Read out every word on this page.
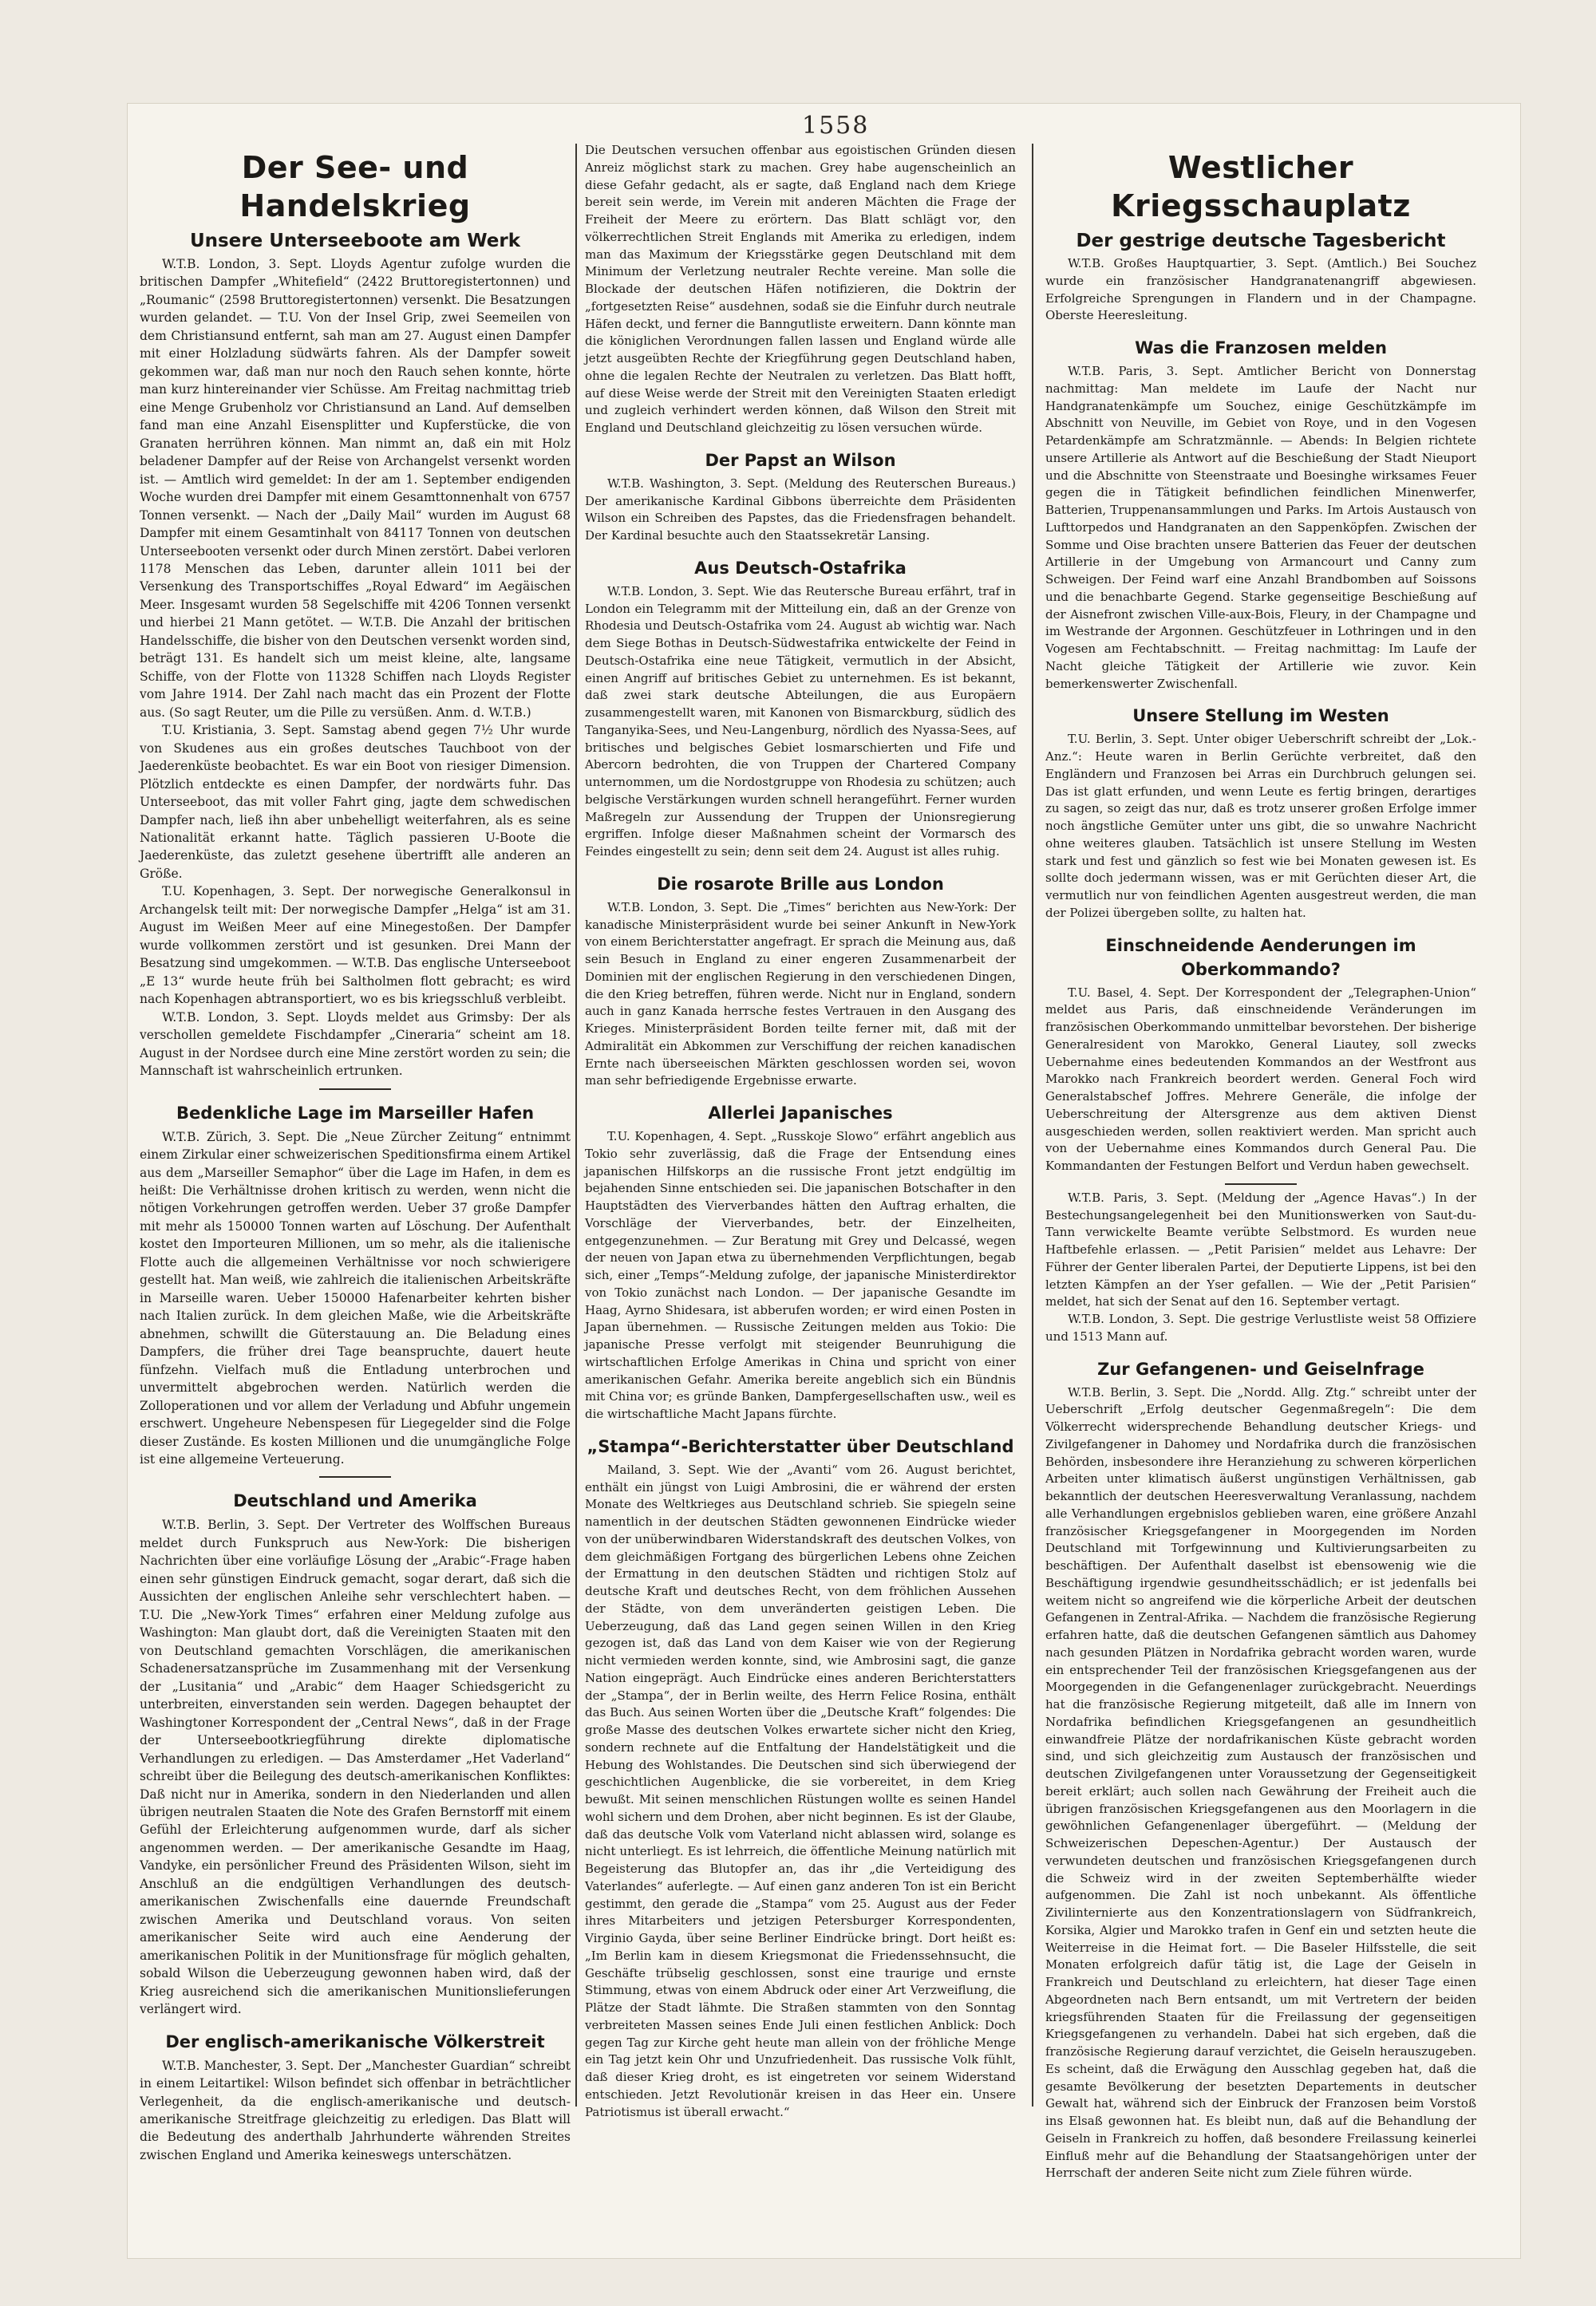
1558
Der See- und Handelskrieg
Unsere Unterseeboote am Werk

W.T.B. London, 3. Sept. Lloyds Agentur zufolge wurden die britischen Dampfer „Whitefield“ (2422 Bruttoregistertonnen) und „Roumanic“ (2598 Bruttoregistertonnen) versenkt. Die Besatzungen wurden gelandet. — T.U. Von der Insel Grip, zwei Seemeilen von dem Christiansund entfernt, sah man am 27. August einen Dampfer mit einer Holzladung südwärts fahren. Als der Dampfer soweit gekommen war, daß man nur noch den Rauch sehen konnte, hörte man kurz hintereinander vier Schüsse. Am Freitag nachmittag trieb eine Menge Grubenholz vor Christiansund an Land. Auf demselben fand man eine Anzahl Eisensplitter und Kupferstücke, die von Granaten herrühren können. Man nimmt an, daß ein mit Holz beladener Dampfer auf der Reise von Archangelst versenkt worden ist. — Amtlich wird gemeldet: In der am 1. September endigenden Woche wurden drei Dampfer mit einem Gesamttonnenhalt von 6757 Tonnen versenkt. — Nach der „Daily Mail“ wurden im August 68 Dampfer mit einem Gesamtinhalt von 84117 Tonnen von deutschen Unterseebooten versenkt oder durch Minen zerstört. Dabei verloren 1178 Menschen das Leben, darunter allein 1011 bei der Versenkung des Transportschiffes „Royal Edward“ im Aegäischen Meer. Insgesamt wurden 58 Segelschiffe mit 4206 Tonnen versenkt und hierbei 21 Mann getötet. — W.T.B. Die Anzahl der britischen Handelsschiffe, die bisher von den Deutschen versenkt worden sind, beträgt 131. Es handelt sich um meist kleine, alte, langsame Schiffe, von der Flotte von 11328 Schiffen nach Lloyds Register vom Jahre 1914. Der Zahl nach macht das ein Prozent der Flotte aus. (So sagt Reuter, um die Pille zu versüßen. Anm. d. W.T.B.)

T.U. Kristiania, 3. Sept. Samstag abend gegen 7½ Uhr wurde von Skudenes aus ein großes deutsches Tauchboot von der Jaederenküste beobachtet. Es war ein Boot von riesiger Dimension. Plötzlich entdeckte es einen Dampfer, der nordwärts fuhr. Das Unterseeboot, das mit voller Fahrt ging, jagte dem schwedischen Dampfer nach, ließ ihn aber unbehelligt weiterfahren, als es seine Nationalität erkannt hatte. Täglich passieren U-Boote die Jaederenküste, das zuletzt gesehene übertrifft alle anderen an Größe.

T.U. Kopenhagen, 3. Sept. Der norwegische Generalkonsul in Archangelsk teilt mit: Der norwegische Dampfer „Helga“ ist am 31. August im Weißen Meer auf eine Minegestoßen. Der Dampfer wurde vollkommen zerstört und ist gesunken. Drei Mann der Besatzung sind umgekommen. — W.T.B. Das englische Unterseeboot „E 13“ wurde heute früh bei Saltholmen flott gebracht; es wird nach Kopenhagen abtransportiert, wo es bis kriegsschluß verbleibt.

W.T.B. London, 3. Sept. Lloyds meldet aus Grimsby: Der als verschollen gemeldete Fischdampfer „Cineraria“ scheint am 18. August in der Nordsee durch eine Mine zerstört worden zu sein; die Mannschaft ist wahrscheinlich ertrunken.

Bedenkliche Lage im Marseiller Hafen

W.T.B. Zürich, 3. Sept. Die „Neue Zürcher Zeitung“ entnimmt einem Zirkular einer schweizerischen Speditionsfirma einem Artikel aus dem „Marseiller Semaphor“ über die Lage im Hafen, in dem es heißt: Die Verhältnisse drohen kritisch zu werden, wenn nicht die nötigen Vorkehrungen getroffen werden. Ueber 37 große Dampfer mit mehr als 150000 Tonnen warten auf Löschung. Der Aufenthalt kostet den Importeuren Millionen, um so mehr, als die italienische Flotte auch die allgemeinen Verhältnisse vor noch schwierigere gestellt hat. Man weiß, wie zahlreich die italienischen Arbeitskräfte in Marseille waren. Ueber 150000 Hafenarbeiter kehrten bisher nach Italien zurück. In dem gleichen Maße, wie die Arbeitskräfte abnehmen, schwillt die Güterstauung an. Die Beladung eines Dampfers, die früher drei Tage beanspruchte, dauert heute fünfzehn. Vielfach muß die Entladung unterbrochen und unvermittelt abgebrochen werden. Natürlich werden die Zolloperationen und vor allem der Verladung und Abfuhr ungemein erschwert. Ungeheure Nebenspesen für Liegegelder sind die Folge dieser Zustände. Es kosten Millionen und die unumgängliche Folge ist eine allgemeine Verteuerung.

Deutschland und Amerika

W.T.B. Berlin, 3. Sept. Der Vertreter des Wolffschen Bureaus meldet durch Funkspruch aus New-York: Die bisherigen Nachrichten über eine vorläufige Lösung der „Arabic“-Frage haben einen sehr günstigen Eindruck gemacht, sogar derart, daß sich die Aussichten der englischen Anleihe sehr verschlechtert haben. — T.U. Die „New-York Times“ erfahren einer Meldung zufolge aus Washington: Man glaubt dort, daß die Vereinigten Staaten mit den von Deutschland gemachten Vorschlägen, die amerikanischen Schadenersatzansprüche im Zusammenhang mit der Versenkung der „Lusitania“ und „Arabic“ dem Haager Schiedsgericht zu unterbreiten, einverstanden sein werden. Dagegen behauptet der Washingtoner Korrespondent der „Central News“, daß in der Frage der Unterseebootkriegführung direkte diplomatische Verhandlungen zu erledigen. — Das Amsterdamer „Het Vaderland“ schreibt über die Beilegung des deutsch-amerikanischen Konfliktes: Daß nicht nur in Amerika, sondern in den Niederlanden und allen übrigen neutralen Staaten die Note des Grafen Bernstorff mit einem Gefühl der Erleichterung aufgenommen wurde, darf als sicher angenommen werden. — Der amerikanische Gesandte im Haag, Vandyke, ein persönlicher Freund des Präsidenten Wilson, sieht im Anschluß an die endgültigen Verhandlungen des deutsch-amerikanischen Zwischenfalls eine dauernde Freundschaft zwischen Amerika und Deutschland voraus. Von seiten amerikanischer Seite wird auch eine Aenderung der amerikanischen Politik in der Munitionsfrage für möglich gehalten, sobald Wilson die Ueberzeugung gewonnen haben wird, daß der Krieg ausreichend sich die amerikanischen Munitionslieferungen verlängert wird.

Der englisch-amerikanische Völkerstreit

W.T.B. Manchester, 3. Sept. Der „Manchester Guardian“ schreibt in einem Leitartikel: Wilson befindet sich offenbar in beträchtlicher Verlegenheit, da die englisch-amerikanische und deutsch-amerikanische Streitfrage gleichzeitig zu erledigen. Das Blatt will die Bedeutung des anderthalb Jahrhunderte währenden Streites zwischen England und Amerika keineswegs unterschätzen.

Die Deutschen versuchen offenbar aus egoistischen Gründen diesen Anreiz möglichst stark zu machen. Grey habe augenscheinlich an diese Gefahr gedacht, als er sagte, daß England nach dem Kriege bereit sein werde, im Verein mit anderen Mächten die Frage der Freiheit der Meere zu erörtern. Das Blatt schlägt vor, den völkerrechtlichen Streit Englands mit Amerika zu erledigen, indem man das Maximum der Kriegsstärke gegen Deutschland mit dem Minimum der Verletzung neutraler Rechte vereine. Man solle die Blockade der deutschen Häfen notifizieren, die Doktrin der „fortgesetzten Reise“ ausdehnen, sodaß sie die Einfuhr durch neutrale Häfen deckt, und ferner die Banngutliste erweitern. Dann könnte man die königlichen Verordnungen fallen lassen und England würde alle jetzt ausgeübten Rechte der Kriegführung gegen Deutschland haben, ohne die legalen Rechte der Neutralen zu verletzen. Das Blatt hofft, auf diese Weise werde der Streit mit den Vereinigten Staaten erledigt und zugleich verhindert werden können, daß Wilson den Streit mit England und Deutschland gleichzeitig zu lösen versuchen würde.

Der Papst an Wilson

W.T.B. Washington, 3. Sept. (Meldung des Reuterschen Bureaus.) Der amerikanische Kardinal Gibbons überreichte dem Präsidenten Wilson ein Schreiben des Papstes, das die Friedensfragen behandelt. Der Kardinal besuchte auch den Staatssekretär Lansing.

Aus Deutsch-Ostafrika

W.T.B. London, 3. Sept. Wie das Reutersche Bureau erfährt, traf in London ein Telegramm mit der Mitteilung ein, daß an der Grenze von Rhodesia und Deutsch-Ostafrika vom 24. August ab wichtig war. Nach dem Siege Bothas in Deutsch-Südwestafrika entwickelte der Feind in Deutsch-Ostafrika eine neue Tätigkeit, vermutlich in der Absicht, einen Angriff auf britisches Gebiet zu unternehmen. Es ist bekannt, daß zwei stark deutsche Abteilungen, die aus Europäern zusammengestellt waren, mit Kanonen von Bismarckburg, südlich des Tanganyika-Sees, und Neu-Langenburg, nördlich des Nyassa-Sees, auf britisches und belgisches Gebiet losmarschierten und Fife und Abercorn bedrohten, die von Truppen der Chartered Company unternommen, um die Nordostgruppe von Rhodesia zu schützen; auch belgische Verstärkungen wurden schnell herangeführt. Ferner wurden Maßregeln zur Aussendung der Truppen der Unionsregierung ergriffen. Infolge dieser Maßnahmen scheint der Vormarsch des Feindes eingestellt zu sein; denn seit dem 24. August ist alles ruhig.

Die rosarote Brille aus London

W.T.B. London, 3. Sept. Die „Times“ berichten aus New-York: Der kanadische Ministerpräsident wurde bei seiner Ankunft in New-York von einem Berichterstatter angefragt. Er sprach die Meinung aus, daß sein Besuch in England zu einer engeren Zusammenarbeit der Dominien mit der englischen Regierung in den verschiedenen Dingen, die den Krieg betreffen, führen werde. Nicht nur in England, sondern auch in ganz Kanada herrsche festes Vertrauen in den Ausgang des Krieges. Ministerpräsident Borden teilte ferner mit, daß mit der Admiralität ein Abkommen zur Verschiffung der reichen kanadischen Ernte nach überseeischen Märkten geschlossen worden sei, wovon man sehr befriedigende Ergebnisse erwarte.

Allerlei Japanisches

T.U. Kopenhagen, 4. Sept. „Russkoje Slowo“ erfährt angeblich aus Tokio sehr zuverlässig, daß die Frage der Entsendung eines japanischen Hilfskorps an die russische Front jetzt endgültig im bejahenden Sinne entschieden sei. Die japanischen Botschafter in den Hauptstädten des Vierverbandes hätten den Auftrag erhalten, die Vorschläge der Vierverbandes, betr. der Einzelheiten, entgegenzunehmen. — Zur Beratung mit Grey und Delcassé, wegen der neuen von Japan etwa zu übernehmenden Verpflichtungen, begab sich, einer „Temps“-Meldung zufolge, der japanische Ministerdirektor von Tokio zunächst nach London. — Der japanische Gesandte im Haag, Ayrno Shidesara, ist abberufen worden; er wird einen Posten in Japan übernehmen. — Russische Zeitungen melden aus Tokio: Die japanische Presse verfolgt mit steigender Beunruhigung die wirtschaftlichen Erfolge Amerikas in China und spricht von einer amerikanischen Gefahr. Amerika bereite angeblich sich ein Bündnis mit China vor; es gründe Banken, Dampfergesellschaften usw., weil es die wirtschaftliche Macht Japans fürchte.

„Stampa“-Berichterstatter über Deutschland

Mailand, 3. Sept. Wie der „Avanti“ vom 26. August berichtet, enthält ein jüngst von Luigi Ambrosini, die er während der ersten Monate des Weltkrieges aus Deutschland schrieb. Sie spiegeln seine namentlich in der deutschen Städten gewonnenen Eindrücke wieder von der unüberwindbaren Widerstandskraft des deutschen Volkes, von dem gleichmäßigen Fortgang des bürgerlichen Lebens ohne Zeichen der Ermattung in den deutschen Städten und richtigen Stolz auf deutsche Kraft und deutsches Recht, von dem fröhlichen Aussehen der Städte, von dem unveränderten geistigen Leben. Die Ueberzeugung, daß das Land gegen seinen Willen in den Krieg gezogen ist, daß das Land von dem Kaiser wie von der Regierung nicht vermieden werden konnte, sind, wie Ambrosini sagt, die ganze Nation eingeprägt. Auch Eindrücke eines anderen Berichterstatters der „Stampa“, der in Berlin weilte, des Herrn Felice Rosina, enthält das Buch. Aus seinen Worten über die „Deutsche Kraft“ folgendes: Die große Masse des deutschen Volkes erwartete sicher nicht den Krieg, sondern rechnete auf die Entfaltung der Handelstätigkeit und die Hebung des Wohlstandes. Die Deutschen sind sich überwiegend der geschichtlichen Augenblicke, die sie vorbereitet, in dem Krieg bewußt. Mit seinen menschlichen Rüstungen wollte es seinen Handel wohl sichern und dem Drohen, aber nicht beginnen. Es ist der Glaube, daß das deutsche Volk vom Vaterland nicht ablassen wird, solange es nicht unterliegt. Es ist lehrreich, die öffentliche Meinung natürlich mit Begeisterung das Blutopfer an, das ihr „die Verteidigung des Vaterlandes“ auferlegte. — Auf einen ganz anderen Ton ist ein Bericht gestimmt, den gerade die „Stampa“ vom 25. August aus der Feder ihres Mitarbeiters und jetzigen Petersburger Korrespondenten, Virginio Gayda, über seine Berliner Eindrücke bringt. Dort heißt es: „Im Berlin kam in diesem Kriegsmonat die Friedenssehnsucht, die Geschäfte trübselig geschlossen, sonst eine traurige und ernste Stimmung, etwas von einem Abdruck oder einer Art Verzweiflung, die Plätze der Stadt lähmte. Die Straßen stammten von den Sonntag verbreiteten Massen seines Ende Juli einen festlichen Anblick: Doch gegen Tag zur Kirche geht heute man allein von der fröhliche Menge ein Tag jetzt kein Ohr und Unzufriedenheit. Das russische Volk fühlt, daß dieser Krieg droht, es ist eingetreten vor seinem Widerstand entschieden. Jetzt Revolutionär kreisen in das Heer ein. Unsere Patriotismus ist überall erwacht.“

Westlicher Kriegsschauplatz
Der gestrige deutsche Tagesbericht

W.T.B. Großes Hauptquartier, 3. Sept. (Amtlich.) Bei Souchez wurde ein französischer Handgranatenangriff abgewiesen. Erfolgreiche Sprengungen in Flandern und in der Champagne. Oberste Heeresleitung.

Was die Franzosen melden

W.T.B. Paris, 3. Sept. Amtlicher Bericht von Donnerstag nachmittag: Man meldete im Laufe der Nacht nur Handgranatenkämpfe um Souchez, einige Geschützkämpfe im Abschnitt von Neuville, im Gebiet von Roye, und in den Vogesen Petardenkämpfe am Schratzmännle. — Abends: In Belgien richtete unsere Artillerie als Antwort auf die Beschießung der Stadt Nieuport und die Abschnitte von Steenstraate und Boesinghe wirksames Feuer gegen die in Tätigkeit befindlichen feindlichen Minenwerfer, Batterien, Truppenansammlungen und Parks. Im Artois Austausch von Lufttorpedos und Handgranaten an den Sappenköpfen. Zwischen der Somme und Oise brachten unsere Batterien das Feuer der deutschen Artillerie in der Umgebung von Armancourt und Canny zum Schweigen. Der Feind warf eine Anzahl Brandbomben auf Soissons und die benachbarte Gegend. Starke gegenseitige Beschießung auf der Aisnefront zwischen Ville-aux-Bois, Fleury, in der Champagne und im Westrande der Argonnen. Geschützfeuer in Lothringen und in den Vogesen am Fechtabschnitt. — Freitag nachmittag: Im Laufe der Nacht gleiche Tätigkeit der Artillerie wie zuvor. Kein bemerkenswerter Zwischenfall.

Unsere Stellung im Westen

T.U. Berlin, 3. Sept. Unter obiger Ueberschrift schreibt der „Lok.-Anz.“: Heute waren in Berlin Gerüchte verbreitet, daß den Engländern und Franzosen bei Arras ein Durchbruch gelungen sei. Das ist glatt erfunden, und wenn Leute es fertig bringen, derartiges zu sagen, so zeigt das nur, daß es trotz unserer großen Erfolge immer noch ängstliche Gemüter unter uns gibt, die so unwahre Nachricht ohne weiteres glauben. Tatsächlich ist unsere Stellung im Westen stark und fest und gänzlich so fest wie bei Monaten gewesen ist. Es sollte doch jedermann wissen, was er mit Gerüchten dieser Art, die vermutlich nur von feindlichen Agenten ausgestreut werden, die man der Polizei übergeben sollte, zu halten hat.

Einschneidende Aenderungen im Oberkommando?

T.U. Basel, 4. Sept. Der Korrespondent der „Telegraphen-Union“ meldet aus Paris, daß einschneidende Veränderungen im französischen Oberkommando unmittelbar bevorstehen. Der bisherige Generalresident von Marokko, General Liautey, soll zwecks Uebernahme eines bedeutenden Kommandos an der Westfront aus Marokko nach Frankreich beordert werden. General Foch wird Generalstabschef Joffres. Mehrere Generäle, die infolge der Ueberschreitung der Altersgrenze aus dem aktiven Dienst ausgeschieden werden, sollen reaktiviert werden. Man spricht auch von der Uebernahme eines Kommandos durch General Pau. Die Kommandanten der Festungen Belfort und Verdun haben gewechselt.

W.T.B. Paris, 3. Sept. (Meldung der „Agence Havas“.) In der Bestechungsangelegenheit bei den Munitionswerken von Saut-du-Tann verwickelte Beamte verübte Selbstmord. Es wurden neue Haftbefehle erlassen. — „Petit Parisien“ meldet aus Lehavre: Der Führer der Genter liberalen Partei, der Deputierte Lippens, ist bei den letzten Kämpfen an der Yser gefallen. — Wie der „Petit Parisien“ meldet, hat sich der Senat auf den 16. September vertagt.

W.T.B. London, 3. Sept. Die gestrige Verlustliste weist 58 Offiziere und 1513 Mann auf.

Zur Gefangenen- und Geiselnfrage

W.T.B. Berlin, 3. Sept. Die „Nordd. Allg. Ztg.“ schreibt unter der Ueberschrift „Erfolg deutscher Gegenmaßregeln“: Die dem Völkerrecht widersprechende Behandlung deutscher Kriegs- und Zivilgefangener in Dahomey und Nordafrika durch die französischen Behörden, insbesondere ihre Heranziehung zu schweren körperlichen Arbeiten unter klimatisch äußerst ungünstigen Verhältnissen, gab bekanntlich der deutschen Heeresverwaltung Veranlassung, nachdem alle Verhandlungen ergebnislos geblieben waren, eine größere Anzahl französischer Kriegsgefangener in Moorgegenden im Norden Deutschland mit Torfgewinnung und Kultivierungsarbeiten zu beschäftigen. Der Aufenthalt daselbst ist ebensowenig wie die Beschäftigung irgendwie gesundheitsschädlich; er ist jedenfalls bei weitem nicht so angreifend wie die körperliche Arbeit der deutschen Gefangenen in Zentral-Afrika. — Nachdem die französische Regierung erfahren hatte, daß die deutschen Gefangenen sämtlich aus Dahomey nach gesunden Plätzen in Nordafrika gebracht worden waren, wurde ein entsprechender Teil der französischen Kriegsgefangenen aus der Moorgegenden in die Gefangenenlager zurückgebracht. Neuerdings hat die französische Regierung mitgeteilt, daß alle im Innern von Nordafrika befindlichen Kriegsgefangenen an gesundheitlich einwandfreie Plätze der nordafrikanischen Küste gebracht worden sind, und sich gleichzeitig zum Austausch der französischen und deutschen Zivilgefangenen unter Voraussetzung der Gegenseitigkeit bereit erklärt; auch sollen nach Gewährung der Freiheit auch die übrigen französischen Kriegsgefangenen aus den Moorlagern in die gewöhnlichen Gefangenenlager übergeführt. — (Meldung der Schweizerischen Depeschen-Agentur.) Der Austausch der verwundeten deutschen und französischen Kriegsgefangenen durch die Schweiz wird in der zweiten Septemberhälfte wieder aufgenommen. Die Zahl ist noch unbekannt. Als öffentliche Zivilinternierte aus den Konzentrationslagern von Südfrankreich, Korsika, Algier und Marokko trafen in Genf ein und setzten heute die Weiterreise in die Heimat fort. — Die Baseler Hilfsstelle, die seit Monaten erfolgreich dafür tätig ist, die Lage der Geiseln in Frankreich und Deutschland zu erleichtern, hat dieser Tage einen Abgeordneten nach Bern entsandt, um mit Vertretern der beiden kriegsführenden Staaten für die Freilassung der gegenseitigen Kriegsgefangenen zu verhandeln. Dabei hat sich ergeben, daß die französische Regierung darauf verzichtet, die Geiseln herauszugeben. Es scheint, daß die Erwägung den Ausschlag gegeben hat, daß die gesamte Bevölkerung der besetzten Departements in deutscher Gewalt hat, während sich der Einbruck der Franzosen beim Vorstoß ins Elsaß gewonnen hat. Es bleibt nun, daß auf die Behandlung der Geiseln in Frankreich zu hoffen, daß besondere Freilassung keinerlei Einfluß mehr auf die Behandlung der Staatsangehörigen unter der Herrschaft der anderen Seite nicht zum Ziele führen würde.
